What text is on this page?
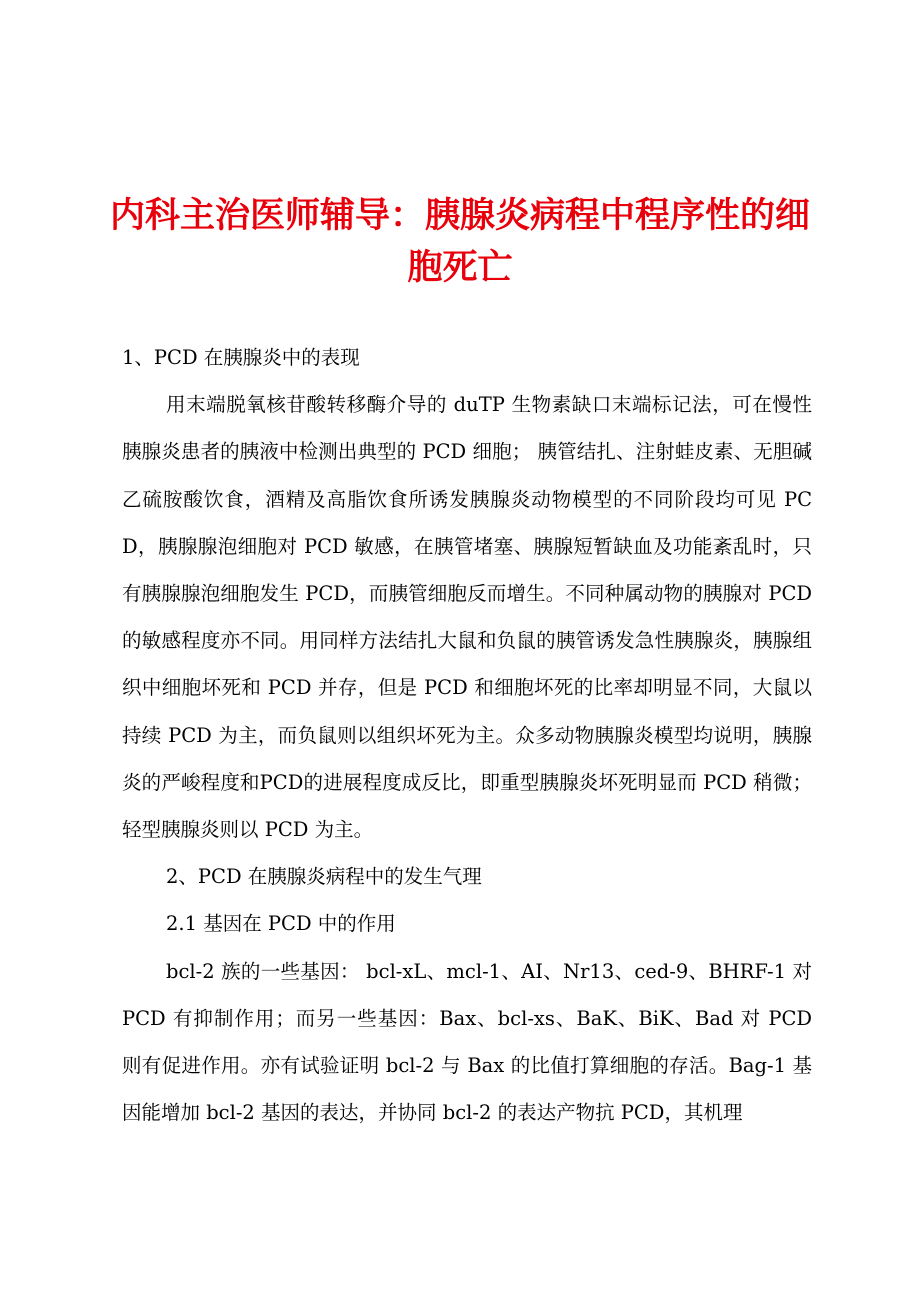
内科主治医师辅导：胰腺炎病程中程序性的细胞死亡

1、PCD 在胰腺炎中的表现

用末端脱氧核苷酸转移酶介导的 duTP 生物素缺口末端标记法，可在慢性胰腺炎患者的胰液中检测出典型的 PCD 细胞； 胰管结扎、注射蛙皮素、无胆碱乙硫胺酸饮食，酒精及高脂饮食所诱发胰腺炎动物模型的不同阶段均可见 PCD，胰腺腺泡细胞对 PCD 敏感，在胰管堵塞、胰腺短暂缺血及功能紊乱时，只有胰腺腺泡细胞发生 PCD，而胰管细胞反而增生。不同种属动物的胰腺对 PCD 的敏感程度亦不同。用同样方法结扎大鼠和负鼠的胰管诱发急性胰腺炎，胰腺组织中细胞坏死和 PCD 并存，但是 PCD 和细胞坏死的比率却明显不同，大鼠以持续 PCD 为主，而负鼠则以组织坏死为主。众多动物胰腺炎模型均说明，胰腺炎的严峻程度和PCD的进展程度成反比，即重型胰腺炎坏死明显而 PCD 稍微； 轻型胰腺炎则以 PCD 为主。

2、PCD 在胰腺炎病程中的发生气理

2.1 基因在 PCD 中的作用

bcl-2 族的一些基因： bcl-xL、mcl-1、AI、Nr13、ced-9、BHRF-1 对 PCD 有抑制作用；而另一些基因：Bax、bcl-xs、BaK、BiK、Bad 对 PCD 则有促进作用。亦有试验证明 bcl-2 与 Bax 的比值打算细胞的存活。Bag-1 基因能增加 bcl-2 基因的表达，并协同 bcl-2 的表达产物抗 PCD，其机理
